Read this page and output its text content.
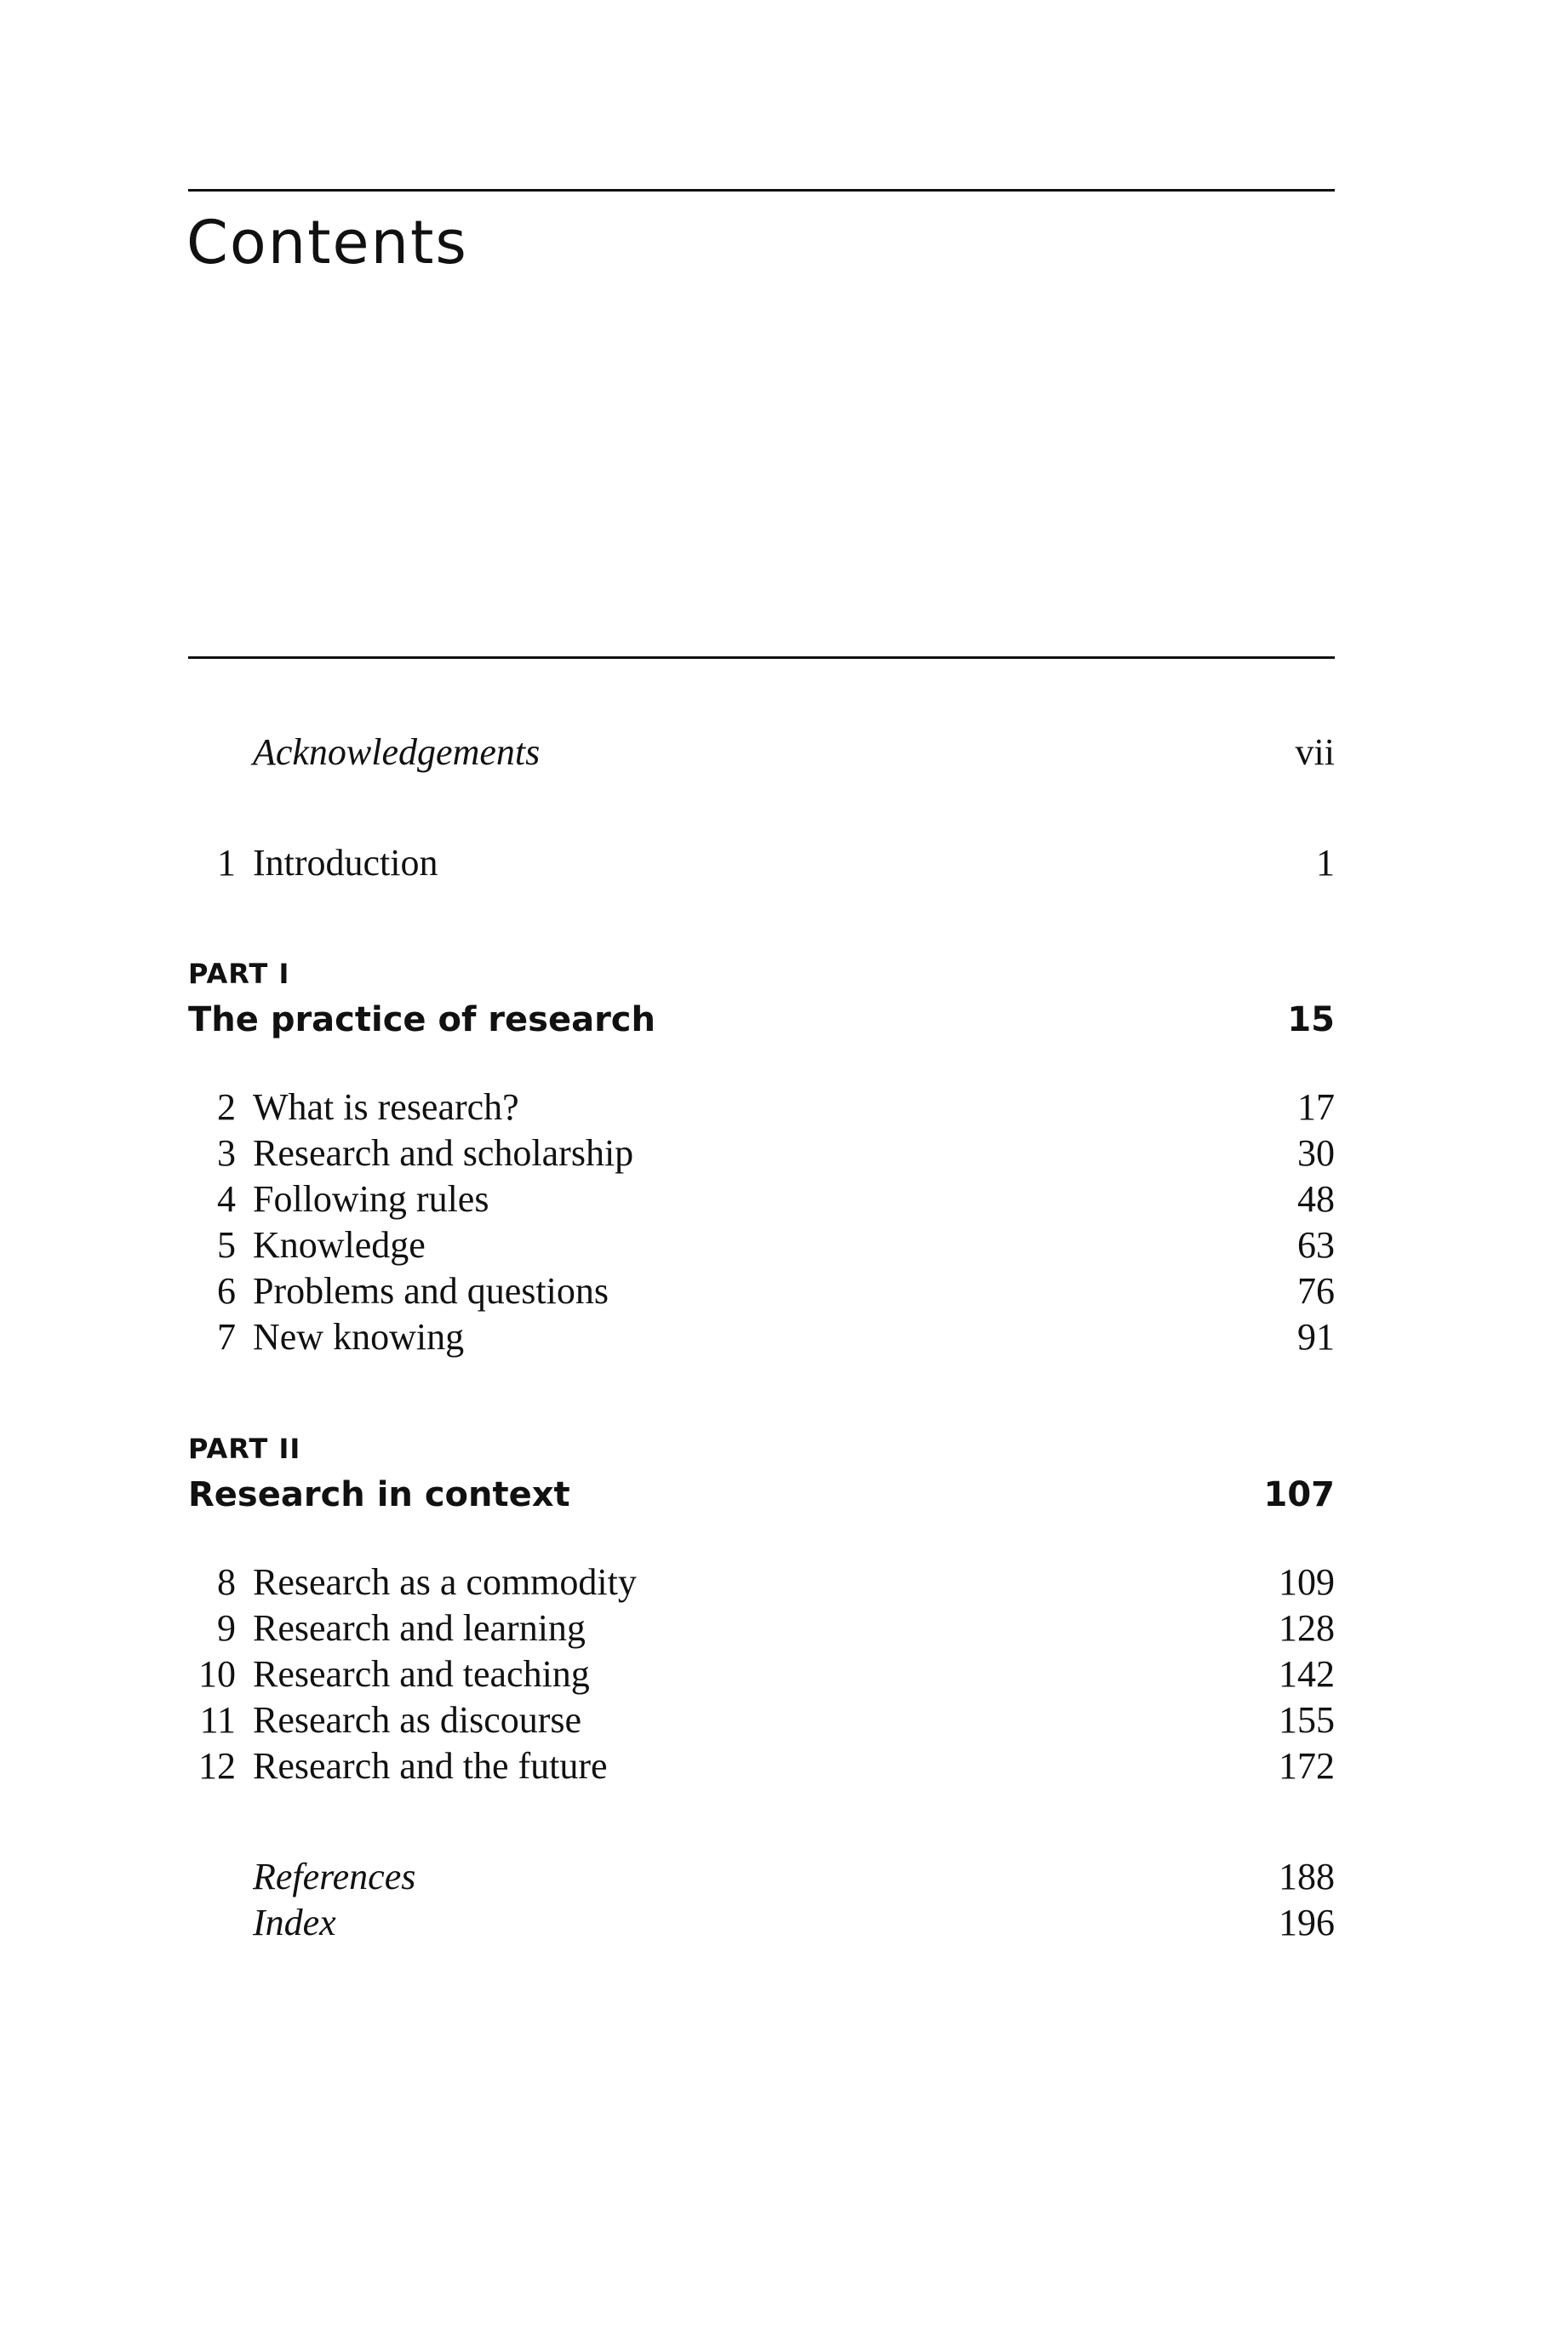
Contents
Acknowledgements	vii
1 Introduction	1
PART I
The practice of research	15
2 What is research?	17
3 Research and scholarship	30
4 Following rules	48
5 Knowledge	63
6 Problems and questions	76
7 New knowing	91
PART II
Research in context	107
8 Research as a commodity	109
9 Research and learning	128
10 Research and teaching	142
11 Research as discourse	155
12 Research and the future	172
References	188
Index	196
